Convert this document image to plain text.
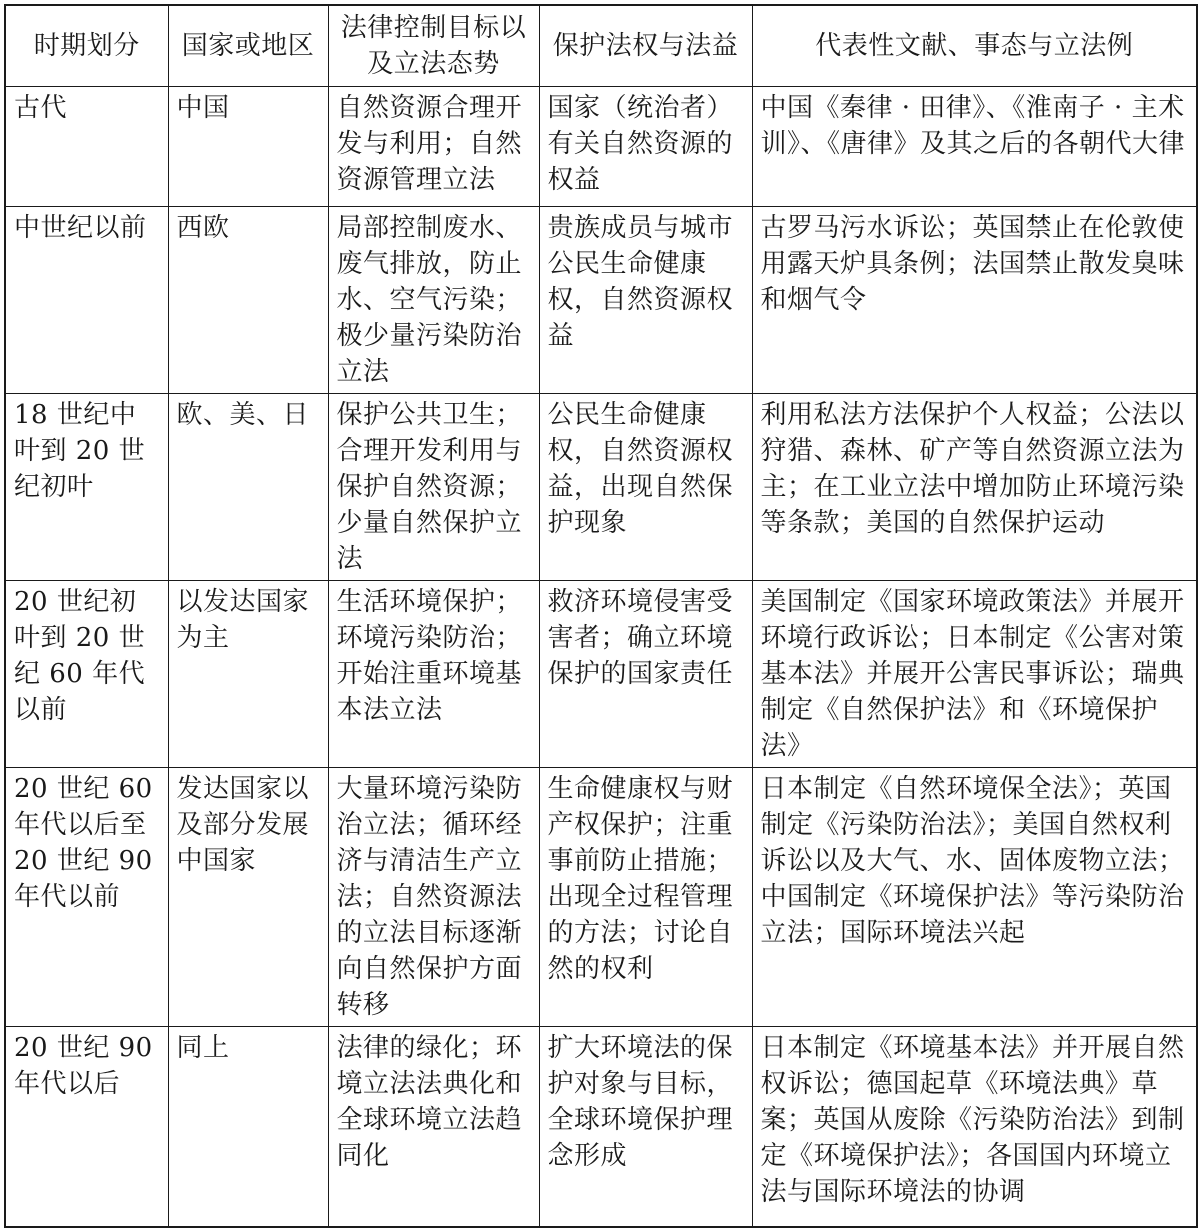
时期划分	国家或地区	法律控制目标以及立法态势	保护法权与法益	代表性文献、事态与立法例
古代	中国	自然资源合理开发与利用；自然资源管理立法	国家（统治者）有关自然资源的权益	中国《秦律 · 田律》、《淮南子 · 主术训》、《唐律》及其之后的各朝代大律
中世纪以前	西欧	局部控制废水、废气排放，防止水、空气污染；极少量污染防治立法	贵族成员与城市公民生命健康权，自然资源权益	古罗马污水诉讼；英国禁止在伦敦使用露天炉具条例；法国禁止散发臭味和烟气令
18 世纪中叶到 20 世纪初叶	欧、美、日	保护公共卫生；合理开发利用与保护自然资源；少量自然保护立法	公民生命健康权，自然资源权益，出现自然保护现象	利用私法方法保护个人权益；公法以狩猎、森林、矿产等自然资源立法为主；在工业立法中增加防止环境污染等条款；美国的自然保护运动
20 世纪初叶到 20 世纪 60 年代以前	以发达国家为主	生活环境保护；环境污染防治；开始注重环境基本法立法	救济环境侵害受害者；确立环境保护的国家责任	美国制定《国家环境政策法》并展开环境行政诉讼；日本制定《公害对策基本法》并展开公害民事诉讼；瑞典制定《自然保护法》和《环境保护法》
20 世纪 60 年代以后至 20 世纪 90 年代以前	发达国家以及部分发展中国家	大量环境污染防治立法；循环经济与清洁生产立法；自然资源法的立法目标逐渐向自然保护方面转移	生命健康权与财产权保护；注重事前防止措施；出现全过程管理的方法；讨论自然的权利	日本制定《自然环境保全法》；英国制定《污染防治法》；美国自然权利诉讼以及大气、水、固体废物立法；中国制定《环境保护法》等污染防治立法；国际环境法兴起
20 世纪 90 年代以后	同上	法律的绿化；环境立法法典化和全球环境立法趋同化	扩大环境法的保护对象与目标，全球环境保护理念形成	日本制定《环境基本法》并开展自然权诉讼；德国起草《环境法典》草案；英国从废除《污染防治法》到制定《环境保护法》；各国国内环境立法与国际环境法的协调
